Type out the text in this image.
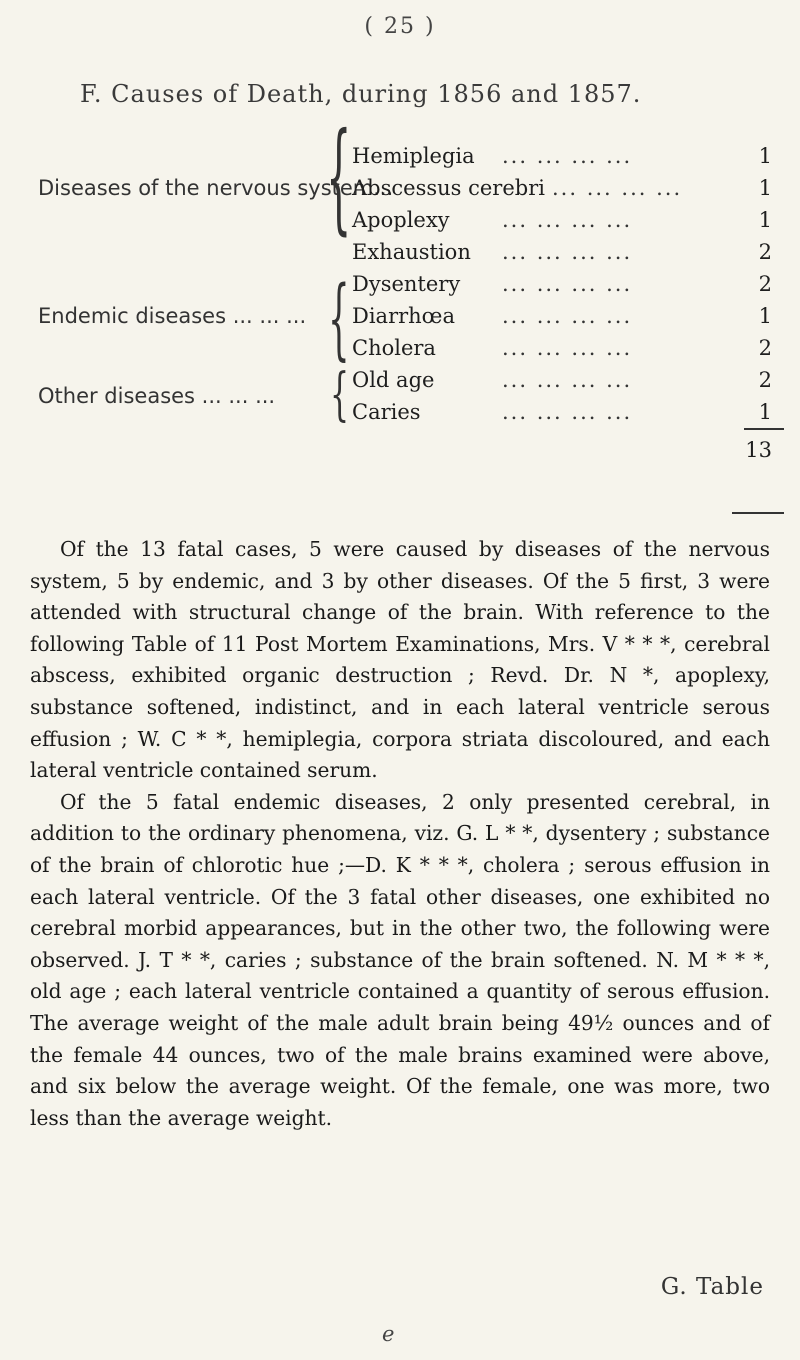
( 25 )
F. Causes of Death, during 1856 and 1857.
Diseases of the nervous system...
{ Hemiplegia ... ... ... ...	1
Abscessus cerebri ... ... ... ...	1
Apoplexy ... ... ... ...	1
Exhaustion ... ... ... ...	2
Endemic diseases ... ... ... { Dysentery ... ... ... ...	2
Diarrhœa ... ... ... ...	1
Cholera	... ... ... ...	2
Other diseases ... ... ... { Old age	... ... ... ...	2
Caries	... ... ... ...	1
13

Of the 13 fatal cases, 5 were caused by diseases of the nervous system, 5 by endemic, and 3 by other diseases. Of the 5 first, 3 were attended with structural change of the brain. With reference to the following Table of 11 Post Mortem Examinations, Mrs. V * * *, cerebral abscess, exhibited organic destruction ; Revd. Dr. N *, apoplexy, substance softened, indistinct, and in each lateral ventricle serous effusion ; W. C * *, hemiplegia, corpora striata discoloured, and each lateral ventricle contained serum.

Of the 5 fatal endemic diseases, 2 only presented cerebral, in addition to the ordinary phenomena, viz. G. L * *, dysentery ; substance of the brain of chlorotic hue ;—D. K * * *, cholera ; serous effusion in each lateral ventricle. Of the 3 fatal other diseases, one exhibited no cerebral morbid appearances, but in the other two, the following were observed. J. T * *, caries ; substance of the brain softened. N. M * * *, old age ; each lateral ventricle contained a quantity of serous effusion. The average weight of the male adult brain being 49½ ounces and of the female 44 ounces, two of the male brains examined were above, and six below the average weight. Of the female, one was more, two less than the average weight.

G. Table
e
